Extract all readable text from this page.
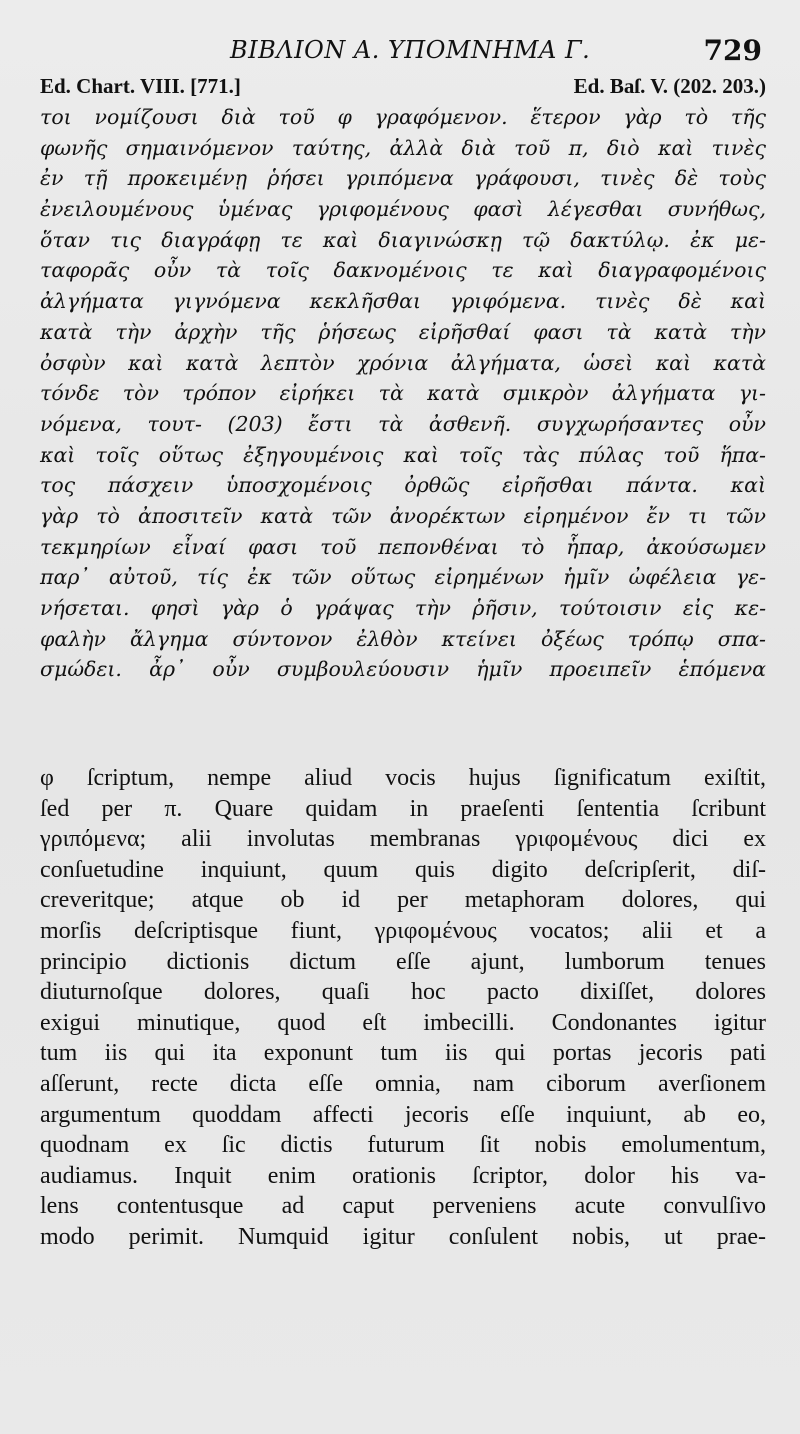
ΒΙΒΛΙΟΝ Α. ΥΠΟΜΝΗΜΑ Γ.	729
Ed. Chart. VIII. [771.]	Ed. Baſ. V. (202. 203.)
τοι νομίζουσι διὰ τοῦ φ γραφόμενον. ἕτερον γὰρ τὸ τῆς
φωνῆς σημαινόμενον ταύτης, ἀλλὰ διὰ τοῦ π, διὸ καὶ τινὲς
ἐν τῇ προκειμένῃ ῥήσει γριπόμενα γράφουσι, τινὲς δὲ τοὺς
ἐνειλουμένους ὑμένας γριφομένους φασὶ λέγεσθαι συνήθως,
ὅταν τις διαγράφῃ τε καὶ διαγινώσκῃ τῷ δακτύλῳ. ἐκ με-
ταφορᾶς οὖν τὰ τοῖς δακνομένοις τε καὶ διαγραφομένοις
ἀλγήματα γιγνόμενα κεκλῆσθαι γριφόμενα. τινὲς δὲ καὶ
κατὰ τὴν ἀρχὴν τῆς ῥήσεως εἰρῆσθαί φασι τὰ κατὰ τὴν
ὀσφὺν καὶ κατὰ λεπτὸν χρόνια ἀλγήματα, ὡσεὶ καὶ κατὰ
τόνδε τὸν τρόπον εἰρήκει τὰ κατὰ σμικρὸν ἀλγήματα γι-
νόμενα, τουτ- (203) ἔστι τὰ ἀσθενῆ. συγχωρήσαντες οὖν
καὶ τοῖς οὕτως ἐξηγουμένοις καὶ τοῖς τὰς πύλας τοῦ ἥπα-
τος πάσχειν ὑποσχομένοις ὀρθῶς εἰρῆσθαι πάντα. καὶ
γὰρ τὸ ἀποσιτεῖν κατὰ τῶν ἀνορέκτων εἰρημένον ἔν τι τῶν
τεκμηρίων εἶναί φασι τοῦ πεπονθέναι τὸ ἧπαρ, ἀκούσωμεν
παρ᾽ αὐτοῦ, τίς ἐκ τῶν οὕτως εἰρημένων ἡμῖν ὠφέλεια γε-
νήσεται. φησὶ γὰρ ὁ γράψας τὴν ῥῆσιν, τούτοισιν εἰς κε-
φαλὴν ἄλγημα σύντονον ἐλθὸν κτείνει ὀξέως τρόπῳ σπα-
σμώδει. ἆρ᾽ οὖν συμβουλεύουσιν ἡμῖν προειπεῖν ἑπόμενα
φ ſcriptum, nempe aliud vocis hujus ſignificatum exiſtit,
ſed per π. Quare quidam in praeſenti ſententia ſcribunt
γριπόμενα; alii involutas membranas γριφομένους dici ex
conſuetudine inquiunt, quum quis digito deſcripſerit, diſ-
creveritque; atque ob id per metaphoram dolores, qui
morſis deſcriptisque fiunt, γριφομένους vocatos; alii et a
principio dictionis dictum eſſe ajunt, lumborum tenues
diuturnoſque dolores, quaſi hoc pacto dixiſſet, dolores
exigui minutique, quod eſt imbecilli. Condonantes igitur
tum iis qui ita exponunt tum iis qui portas jecoris pati
aſſerunt, recte dicta eſſe omnia, nam ciborum averſionem
argumentum quoddam affecti jecoris eſſe inquiunt, ab eo,
quodnam ex ſic dictis futurum ſit nobis emolumentum,
audiamus. Inquit enim orationis ſcriptor, dolor his va-
lens contentusque ad caput perveniens acute convulſivo
modo perimit. Numquid igitur conſulent nobis, ut prae-
